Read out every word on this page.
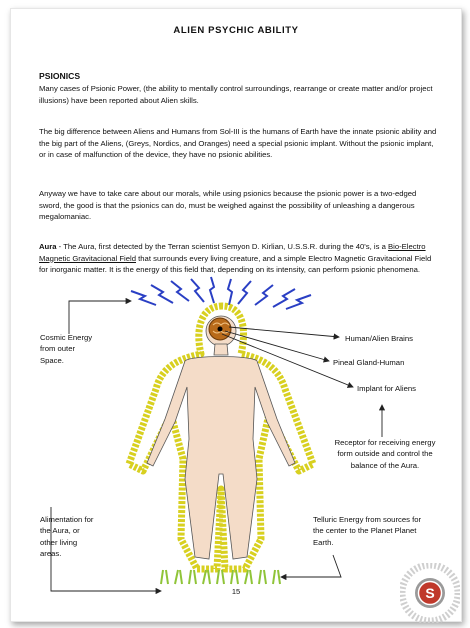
ALIEN PSYCHIC ABILITY
PSIONICS

Many cases of Psionic Power, (the ability to mentally control surroundings, rearrange or create matter and/or project illusions) have been reported about Alien skills.

The big difference between Aliens and Humans from Sol-III is the humans of Earth have the innate psionic ability and the big part of the Aliens, (Greys, Nordics, and Oranges) need a special psionic implant. Without the psionic implant, or in case of malfunction of the device, they have no psionic abilities.

Anyway we have to take care about our morals, while using psionics because the psionic power is a two-edged sword, the good is that the psionics can do, must be weighed against the possibility of unleashing a dangerous megalomaniac.

Aura - The Aura, first detected by the Terran scientist Semyon D. Kirlian, U.S.S.R. during the 40's, is a Bio-Electro Magnetic Gravitacional Field that surrounds every living creature, and a simple Electro Magnetic Gravitacional Field for inorganic matter. It is the energy of this field that, depending on its intensity, can perform psionic phenomena.

Cosmic Energy from outer Space.
Human/Alien Brains
Pineal Gland-Human
Implant for Aliens
Receptor for receiving energy form outside and control the balance of the Aura.
Alimentation for the Aura, or other living areas.
Telluric Energy from sources for the center to the Planet Planet Earth.
15	S
